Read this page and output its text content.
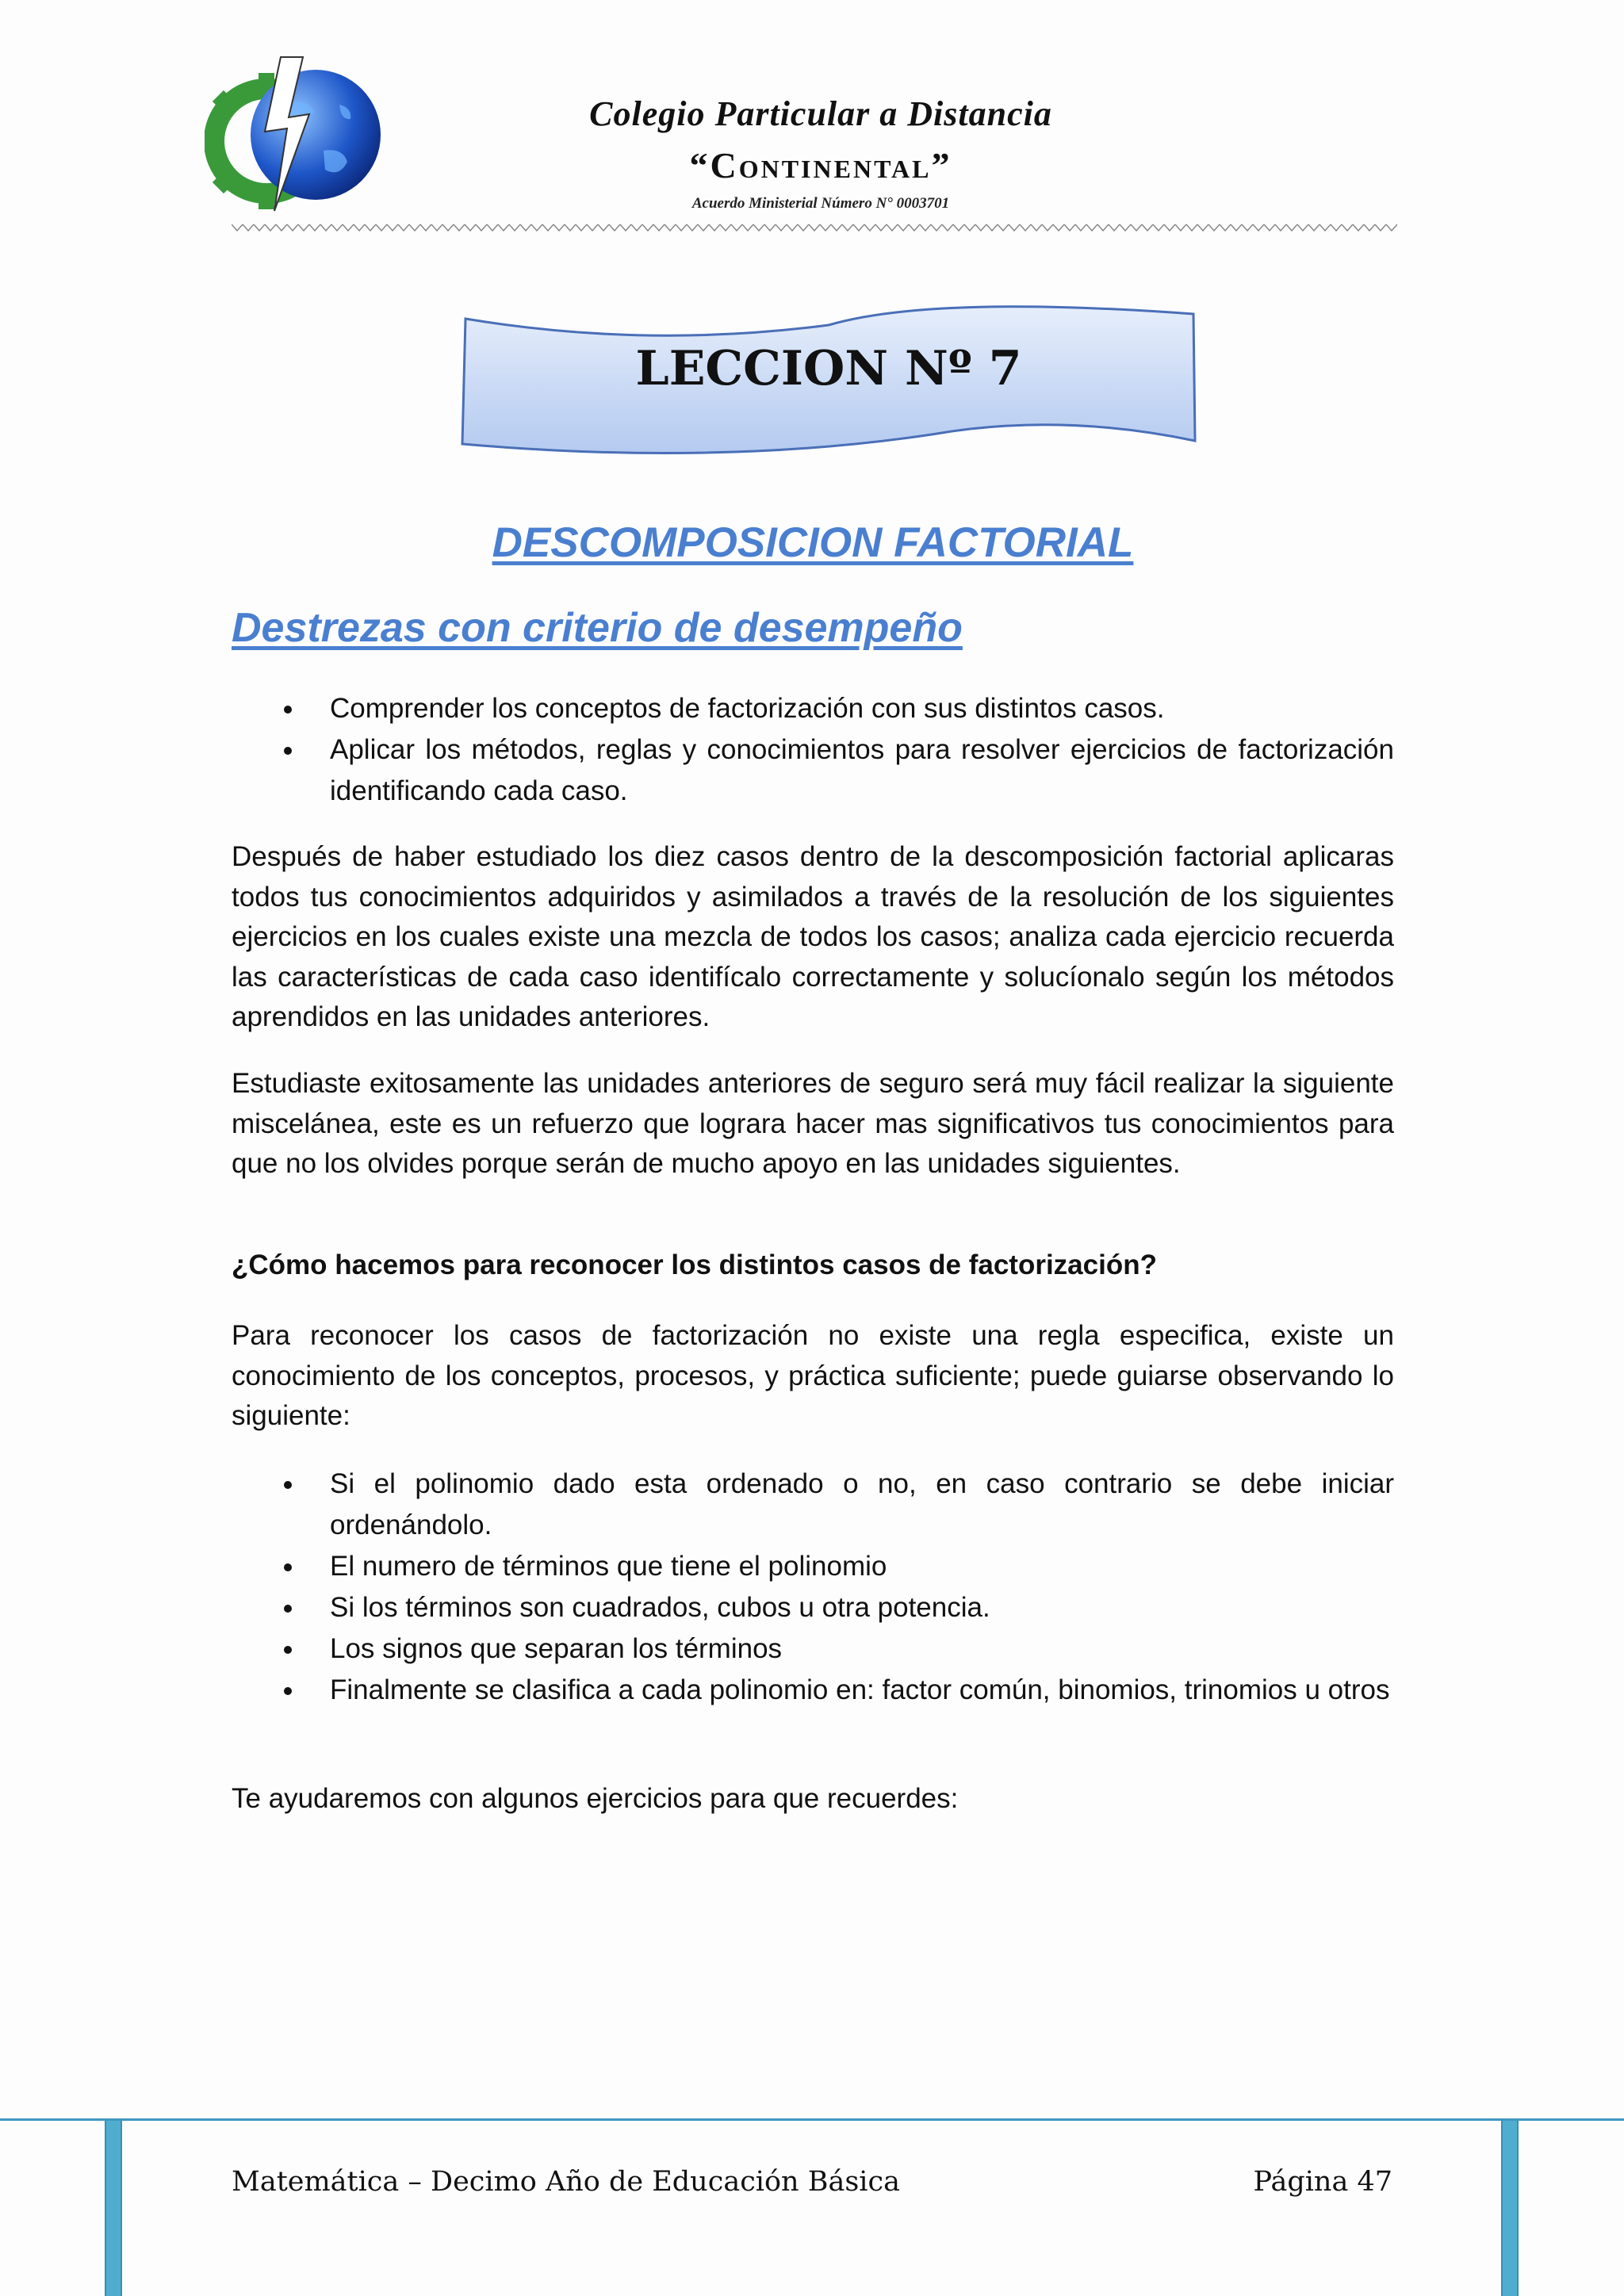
Colegio Particular a Distancia
“Continental”
Acuerdo Ministerial Número N° 0003701
LECCION Nº 7
DESCOMPOSICION FACTORIAL
Destrezas con criterio de desempeño
Comprender los conceptos de factorización con sus distintos casos.
Aplicar los métodos, reglas y conocimientos para resolver ejercicios de factorización identificando cada caso.

Después de haber estudiado los diez casos dentro de la descomposición factorial aplicaras todos tus conocimientos adquiridos y asimilados a través de la resolución de los siguientes ejercicios en los cuales existe una mezcla de todos los casos; analiza cada ejercicio recuerda las características de cada caso identifícalo correctamente y solucíonalo según los métodos aprendidos en las unidades anteriores.

Estudiaste exitosamente las unidades anteriores de seguro será muy fácil realizar la siguiente miscelánea, este es un refuerzo que lograra hacer mas significativos tus conocimientos para que no los olvides porque serán de mucho apoyo en las unidades siguientes.

¿Cómo hacemos para reconocer los distintos casos de factorización?

Para reconocer los casos de factorización no existe una regla especifica, existe un conocimiento de los conceptos, procesos, y práctica suficiente; puede guiarse observando lo siguiente:

Si el polinomio dado esta ordenado o no, en caso contrario se debe iniciar ordenándolo.
El numero de términos que tiene el polinomio
Si los términos son cuadrados, cubos u otra potencia.
Los signos que separan los términos
Finalmente se clasifica a cada polinomio en: factor común, binomios, trinomios u otros

Te ayudaremos con algunos ejercicios para que recuerdes:

Matemática – Decimo Año de Educación Básica	Página 47
